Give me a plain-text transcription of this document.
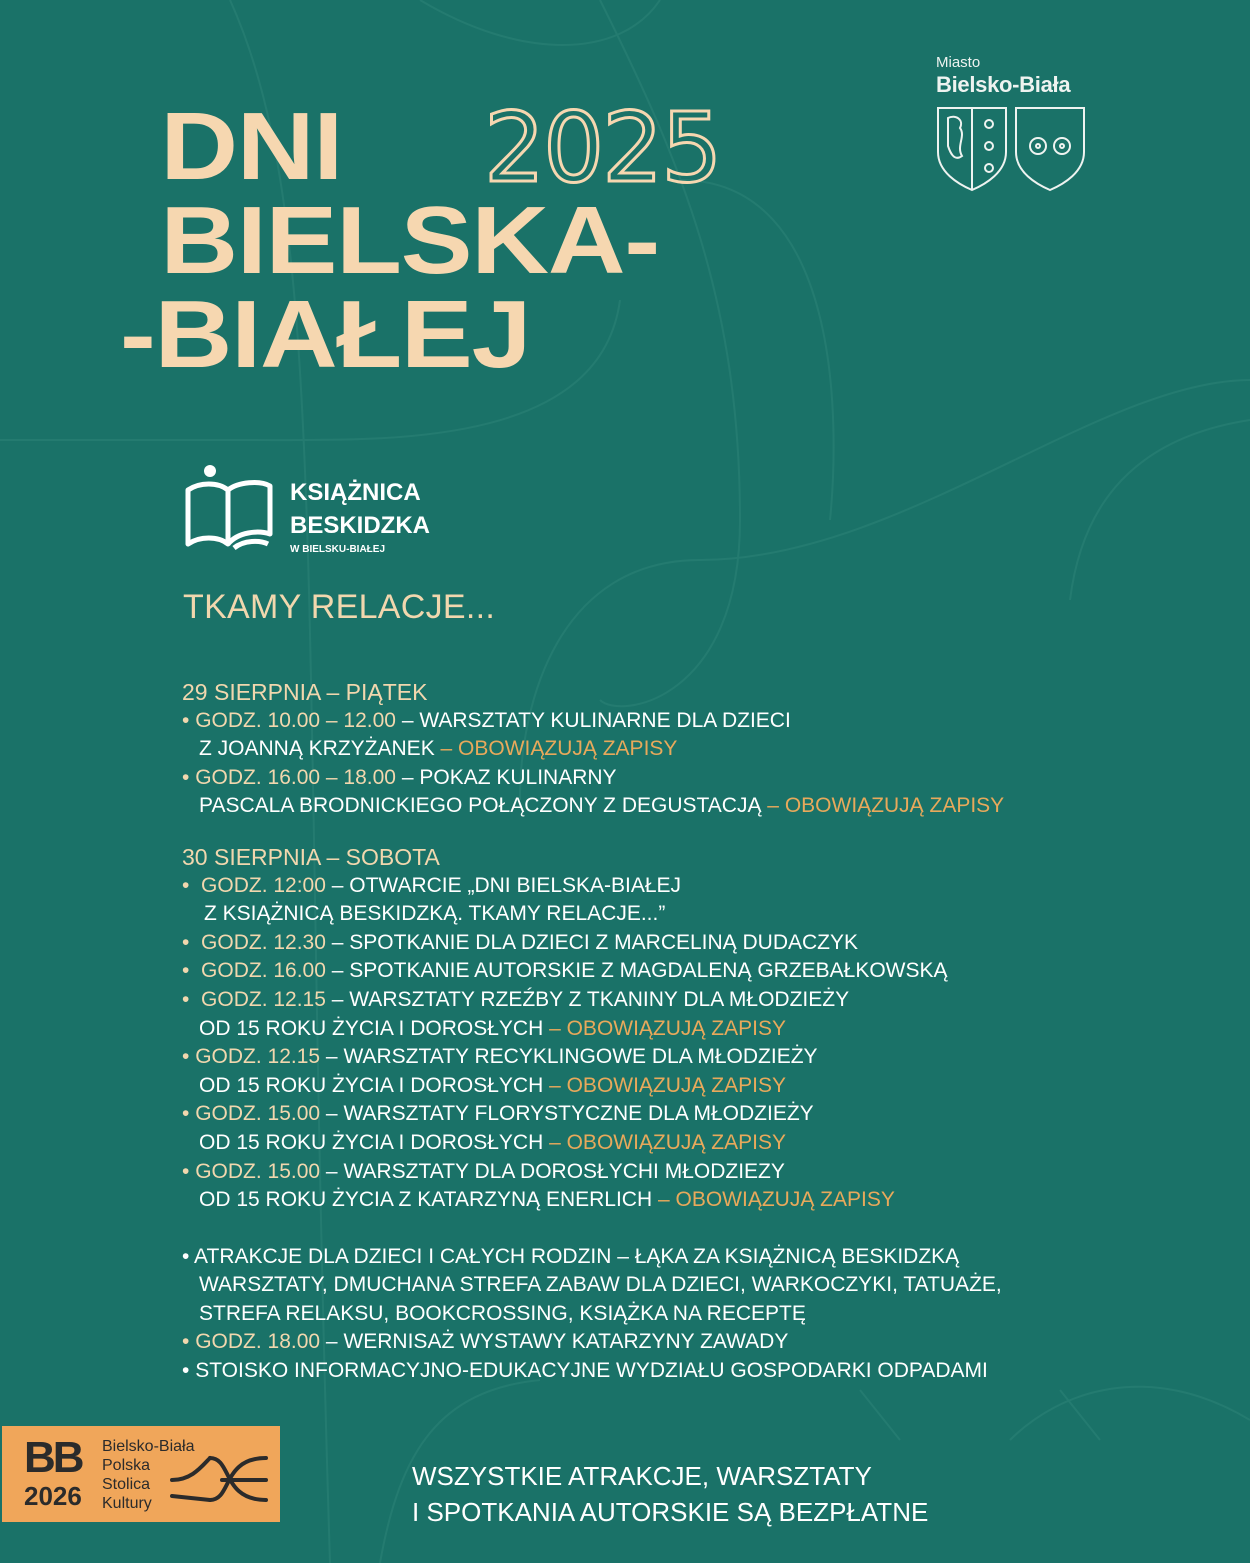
DNI
BIELSKA-
-BIAŁEJ
2025
Miasto
Bielsko-Biała
KSIĄŻNICA
BESKIDZKA
W BIELSKU-BIAŁEJ
TKAMY RELACJE...
29 SIERPNIA – PIĄTEK
• GODZ. 10.00 – 12.00 – WARSZTATY KULINARNE DLA DZIECI
Z JOANNĄ KRZYŻANEK – OBOWIĄZUJĄ ZAPISY
• GODZ. 16.00 – 18.00 – POKAZ KULINARNY
PASCALA BRODNICKIEGO POŁĄCZONY Z DEGUSTACJĄ – OBOWIĄZUJĄ ZAPISY
30 SIERPNIA – SOBOTA
• GODZ. 12:00 – OTWARCIE „DNI BIELSKA-BIAŁEJ
Z KSIĄŻNICĄ BESKIDZKĄ. TKAMY RELACJE...”
• GODZ. 12.30 – SPOTKANIE DLA DZIECI Z MARCELINĄ DUDACZYK
• GODZ. 16.00 – SPOTKANIE AUTORSKIE Z MAGDALENĄ GRZEBAŁKOWSKĄ
• GODZ. 12.15 – WARSZTATY RZEŹBY Z TKANINY DLA MŁODZIEŻY
OD 15 ROKU ŻYCIA I DOROSŁYCH – OBOWIĄZUJĄ ZAPISY
• GODZ. 12.15 – WARSZTATY RECYKLINGOWE DLA MŁODZIEŻY
OD 15 ROKU ŻYCIA I DOROSŁYCH – OBOWIĄZUJĄ ZAPISY
• GODZ. 15.00 – WARSZTATY FLORYSTYCZNE DLA MŁODZIEŻY
OD 15 ROKU ŻYCIA I DOROSŁYCH – OBOWIĄZUJĄ ZAPISY
• GODZ. 15.00 – WARSZTATY DLA DOROSŁYCHI MŁODZIEZY
OD 15 ROKU ŻYCIA Z KATARZYNĄ ENERLICH – OBOWIĄZUJĄ ZAPISY
• ATRAKCJE DLA DZIECI I CAŁYCH RODZIN – ŁĄKA ZA KSIĄŻNICĄ BESKIDZKĄ
WARSZTATY, DMUCHANA STREFA ZABAW DLA DZIECI, WARKOCZYKI, TATUAŻE,
STREFA RELAKSU, BOOKCROSSING, KSIĄŻKA NA RECEPTĘ
• GODZ. 18.00 – WERNISAŻ WYSTAWY KATARZYNY ZAWADY
• STOISKO INFORMACYJNO-EDUKACYJNE WYDZIAŁU GOSPODARKI ODPADAMI
BB
2026
Bielsko-Biała
Polska
Stolica
Kultury
WSZYSTKIE ATRAKCJE, WARSZTATY
I SPOTKANIA AUTORSKIE SĄ BEZPŁATNE
